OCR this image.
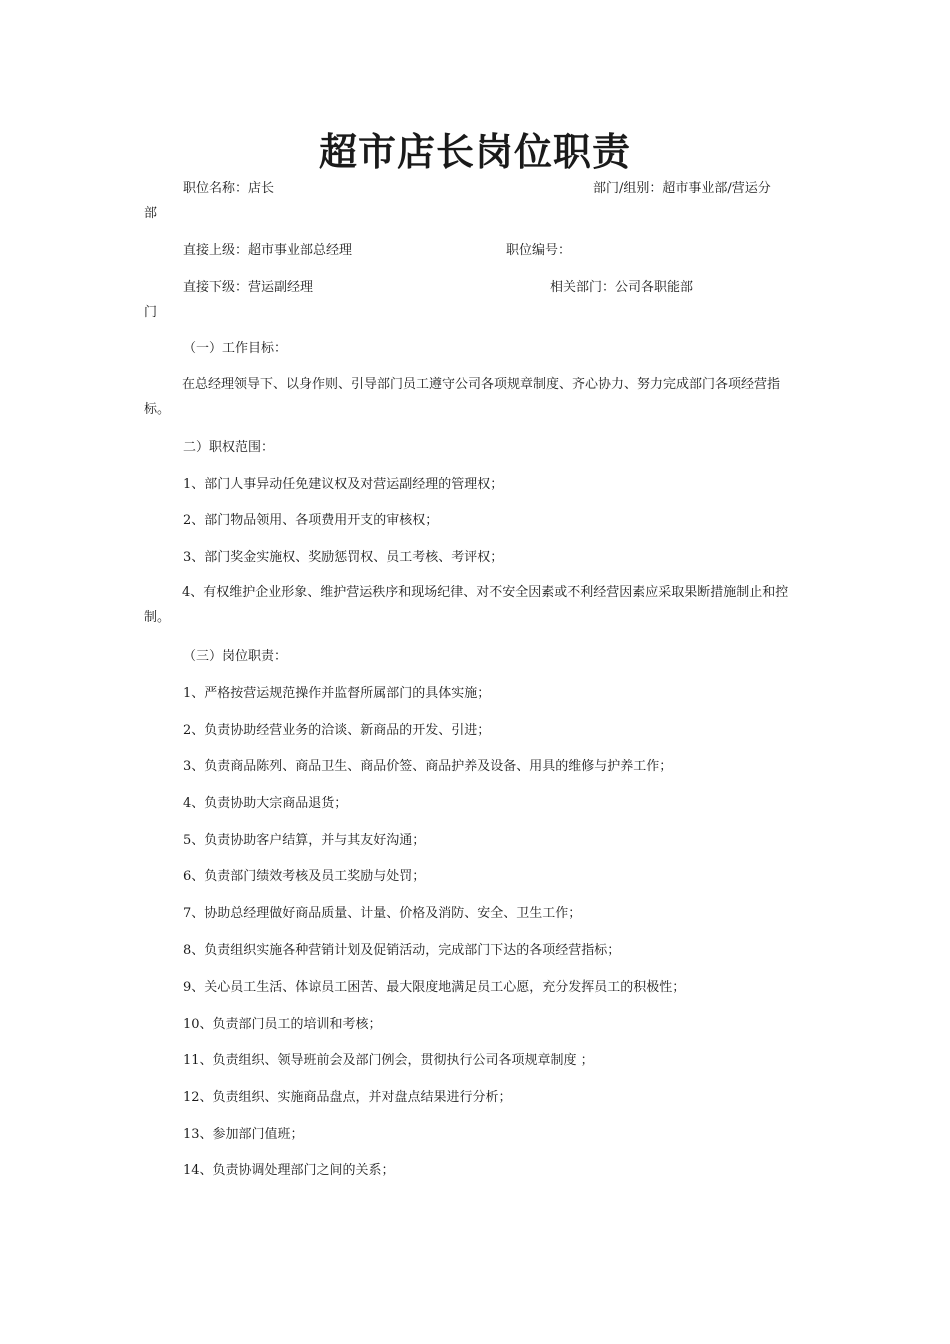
超市店长岗位职责
职位名称：店长	部门/组别：超市事业部/营运分
部
直接上级：超市事业部总经理	职位编号：
直接下级：营运副经理	相关部门：公司各职能部
门
（一）工作目标：
在总经理领导下、以身作则、引导部门员工遵守公司各项规章制度、齐心协力、努力完成部门各项经营指标。
二）职权范围：
1、部门人事异动任免建议权及对营运副经理的管理权；
2、部门物品领用、各项费用开支的审核权；
3、部门奖金实施权、奖励惩罚权、员工考核、考评权；
4、有权维护企业形象、维护营运秩序和现场纪律、对不安全因素或不利经营因素应采取果断措施制止和控制。
（三）岗位职责：
1、严格按营运规范操作并监督所属部门的具体实施；
2、负责协助经营业务的洽谈、新商品的开发、引进；
3、负责商品陈列、商品卫生、商品价签、商品护养及设备、用具的维修与护养工作；
4、负责协助大宗商品退货；
5、负责协助客户结算，并与其友好沟通；
6、负责部门绩效考核及员工奖励与处罚；
7、协助总经理做好商品质量、计量、价格及消防、安全、卫生工作；
8、负责组织实施各种营销计划及促销活动，完成部门下达的各项经营指标；
9、关心员工生活、体谅员工困苦、最大限度地满足员工心愿，充分发挥员工的积极性；
10、负责部门员工的培训和考核；
11、负责组织、领导班前会及部门例会，贯彻执行公司各项规章制度 ；
12、负责组织、实施商品盘点，并对盘点结果进行分析；
13、参加部门值班；
14、负责协调处理部门之间的关系；
